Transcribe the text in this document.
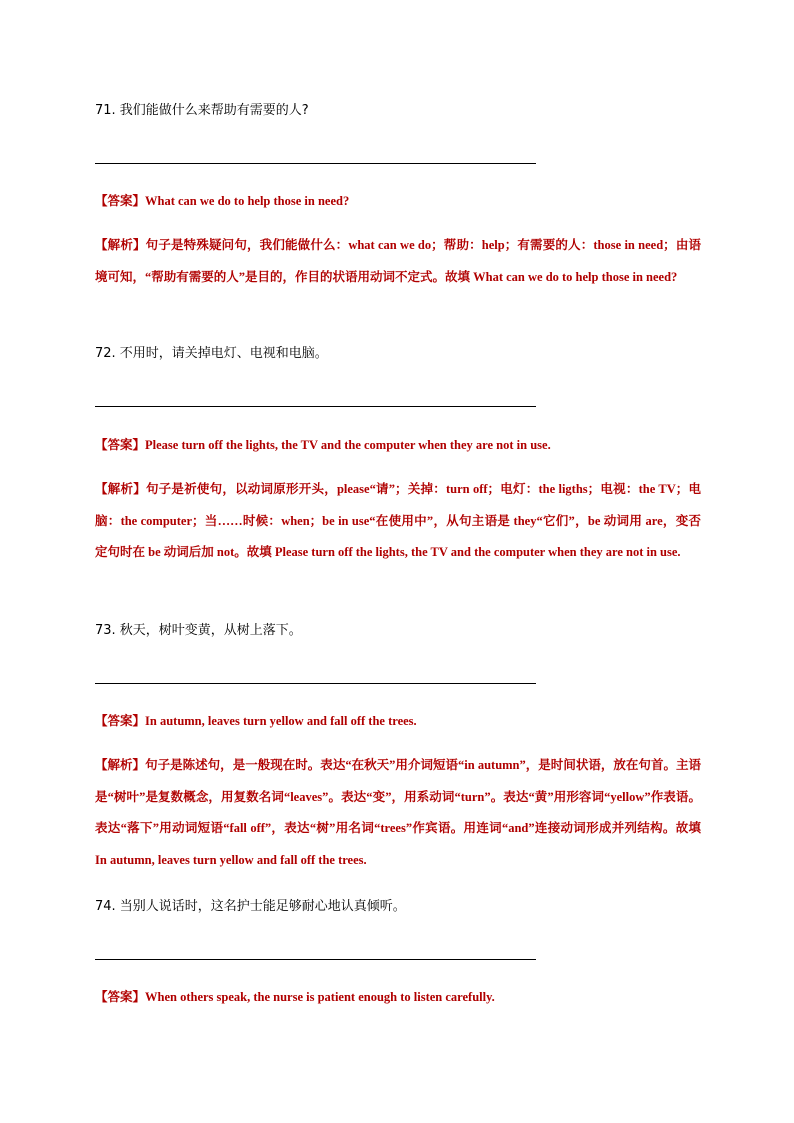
71. 我们能做什么来帮助有需要的人?
【答案】What can we do to help those in need?
【解析】句子是特殊疑问句，我们能做什么：what can we do；帮助：help；有需要的人：those in need；由语境可知，“帮助有需要的人”是目的，作目的状语用动词不定式。故填 What can we do to help those in need?
72. 不用时，请关掉电灯、电视和电脑。
【答案】Please turn off the lights, the TV and the computer when they are not in use.
【解析】句子是祈使句，以动词原形开头，please“请”；关掉：turn off；电灯：the ligths；电视：the TV；电脑：the computer；当……时候：when；be in use“在使用中”，从句主语是 they“它们”，be 动词用 are，变否定句时在 be 动词后加 not。故填 Please turn off the lights, the TV and the computer when they are not in use.
73. 秋天，树叶变黄，从树上落下。
【答案】In autumn, leaves turn yellow and fall off the trees.
【解析】句子是陈述句，是一般现在时。表达“在秋天”用介词短语“in autumn”，是时间状语，放在句首。主语是“树叶”是复数概念，用复数名词“leaves”。表达“变”，用系动词“turn”。表达“黄”用形容词“yellow”作表语。表达“落下”用动词短语“fall off”，表达“树”用名词“trees”作宾语。用连词“and”连接动词形成并列结构。故填 In autumn, leaves turn yellow and fall off the trees.
74. 当别人说话时，这名护士能足够耐心地认真倾听。
【答案】When others speak, the nurse is patient enough to listen carefully.
